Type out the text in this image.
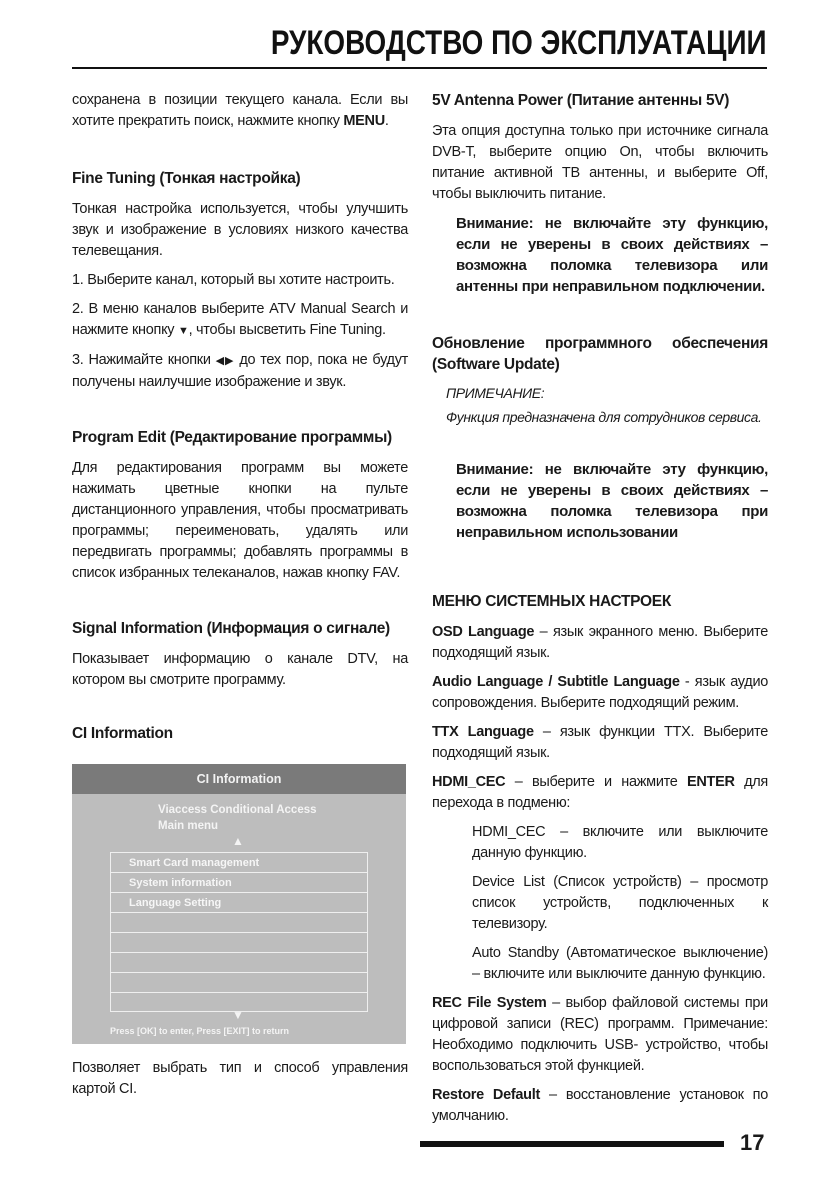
РУКОВОДСТВО ПО ЭКСПЛУАТАЦИИ

сохранена в позиции текущего канала. Если вы хотите прекратить поиск, нажмите кнопку MENU.

Fine Tuning (Тонкая настройка)

Тонкая настройка используется, чтобы улучшить звук и изображение в условиях низкого качества телевещания.

1. Выберите канал, который вы хотите настроить.

2. В меню каналов выберите ATV Manual Search и нажмите кнопку ▼, чтобы высветить Fine Tuning.

3. Нажимайте кнопки ◀▶ до тех пор, пока не будут получены наилучшие изображение и звук.

Program Edit (Редактирование программы)

Для редактирования программ вы можете нажимать цветные кнопки на пульте дистанционного управления, чтобы просматривать программы; переименовать, удалять или передвигать программы; добавлять программы в список избранных телеканалов, нажав кнопку FAV.

Signal Information (Информация о сигнале)

Показывает информацию о канале DTV, на котором вы смотрите программу.

CI Information
CI Information
Viaccess Conditional Access
Main menu
▲
Smart Card management
System information
Language Setting
▼
Press [OK] to enter, Press [EXIT] to return

Позволяет выбрать тип и способ управления картой CI.

5V Antenna Power (Питание антенны 5V)

Эта опция доступна только при источнике сигнала DVB-T, выберите опцию On, чтобы включить питание активной ТВ антенны, и выберите Off, чтобы выключить питание.

Внимание: не включайте эту функцию, если не уверены в своих действиях – возможна поломка телевизора или антенны при неправильном подключении.
Обновление программного обеспечения (Software Update)
ПРИМЕЧАНИЕ:
Функция предназначена для сотрудников сервиса.
Внимание: не включайте эту функцию, если не уверены в своих действиях – возможна поломка телевизора при неправильном использовании
МЕНЮ СИСТЕМНЫХ НАСТРОЕК

OSD Language – язык экранного меню. Выберите подходящий язык.

Audio Language / Subtitle Language - язык аудио сопровождения. Выберите подходящий режим.

TTX Language – язык функции TTX. Выберите подходящий язык.

HDMI_CEC – выберите и нажмите ENTER для перехода в подменю:

HDMI_CEC – включите или выключите данную функцию.

Device List (Список устройств) – просмотр список устройств, подключенных к телевизору.

Auto Standby (Автоматическое выключение) – включите или выключите данную функцию.

REC File System – выбор файловой системы при цифровой записи (REC) программ. Примечание: Необходимо подключить USB- устройство, чтобы воспользоваться этой функцией.

Restore Default – восстановление установок по умолчанию.

17
